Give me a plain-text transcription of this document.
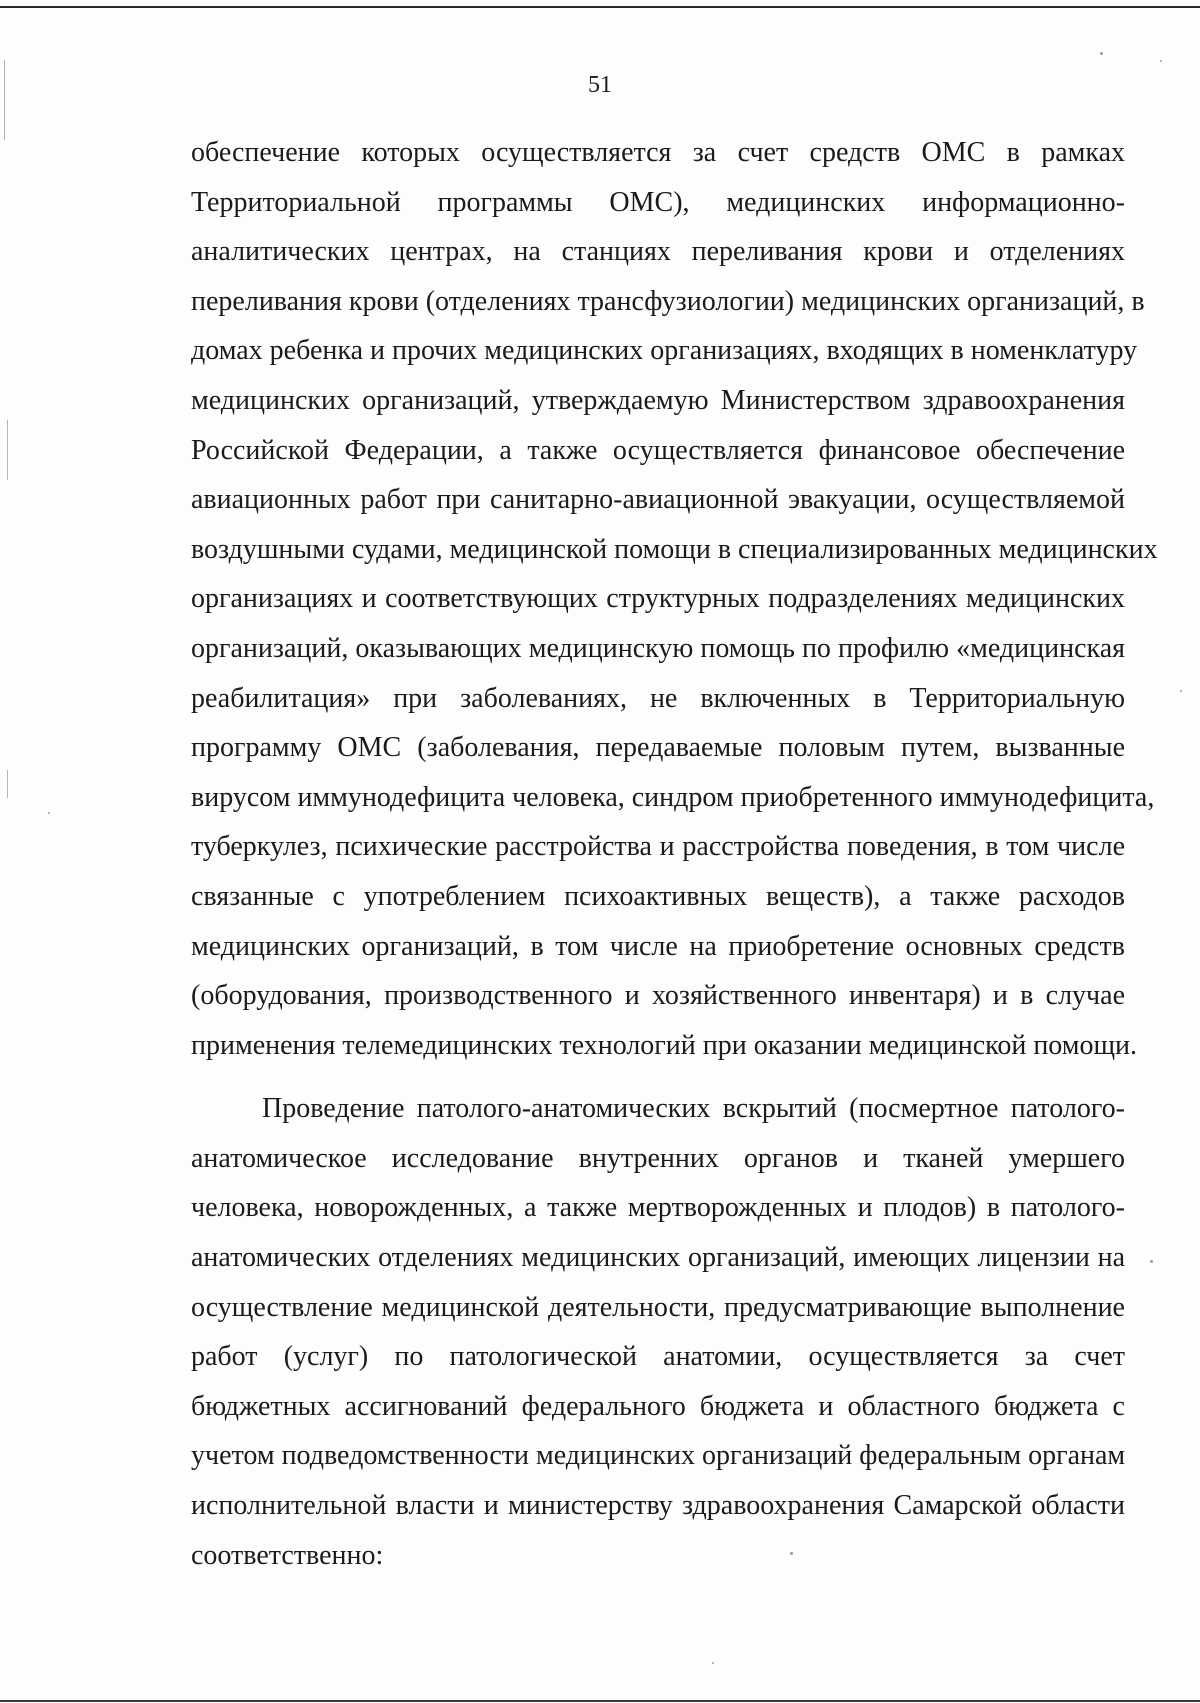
51

обеспечение которых осуществляется за счет средств ОМС в рамках
Территориальной программы ОМС), медицинских информационно-
аналитических центрах, на станциях переливания крови и отделениях
переливания крови (отделениях трансфузиологии) медицинских организаций, в
домах ребенка и прочих медицинских организациях, входящих в номенклатуру
медицинских организаций, утверждаемую Министерством здравоохранения
Российской Федерации, а также осуществляется финансовое обеспечение
авиационных работ при санитарно-авиационной эвакуации, осуществляемой
воздушными судами, медицинской помощи в специализированных медицинских
организациях и соответствующих структурных подразделениях медицинских
организаций, оказывающих медицинскую помощь по профилю «медицинская
реабилитация» при заболеваниях, не включенных в Территориальную
программу ОМС (заболевания, передаваемые половым путем, вызванные
вирусом иммунодефицита человека, синдром приобретенного иммунодефицита,
туберкулез, психические расстройства и расстройства поведения, в том числе
связанные с употреблением психоактивных веществ), а также расходов
медицинских организаций, в том числе на приобретение основных средств
(оборудования, производственного и хозяйственного инвентаря) и в случае
применения телемедицинских технологий при оказании медицинской помощи.

Проведение патолого-анатомических вскрытий (посмертное патолого-
анатомическое исследование внутренних органов и тканей умершего
человека, новорожденных, а также мертворожденных и плодов) в патолого-
анатомических отделениях медицинских организаций, имеющих лицензии на
осуществление медицинской деятельности, предусматривающие выполнение
работ (услуг) по патологической анатомии, осуществляется за счет
бюджетных ассигнований федерального бюджета и областного бюджета с
учетом подведомственности медицинских организаций федеральным органам
исполнительной власти и министерству здравоохранения Самарской области
соответственно:
